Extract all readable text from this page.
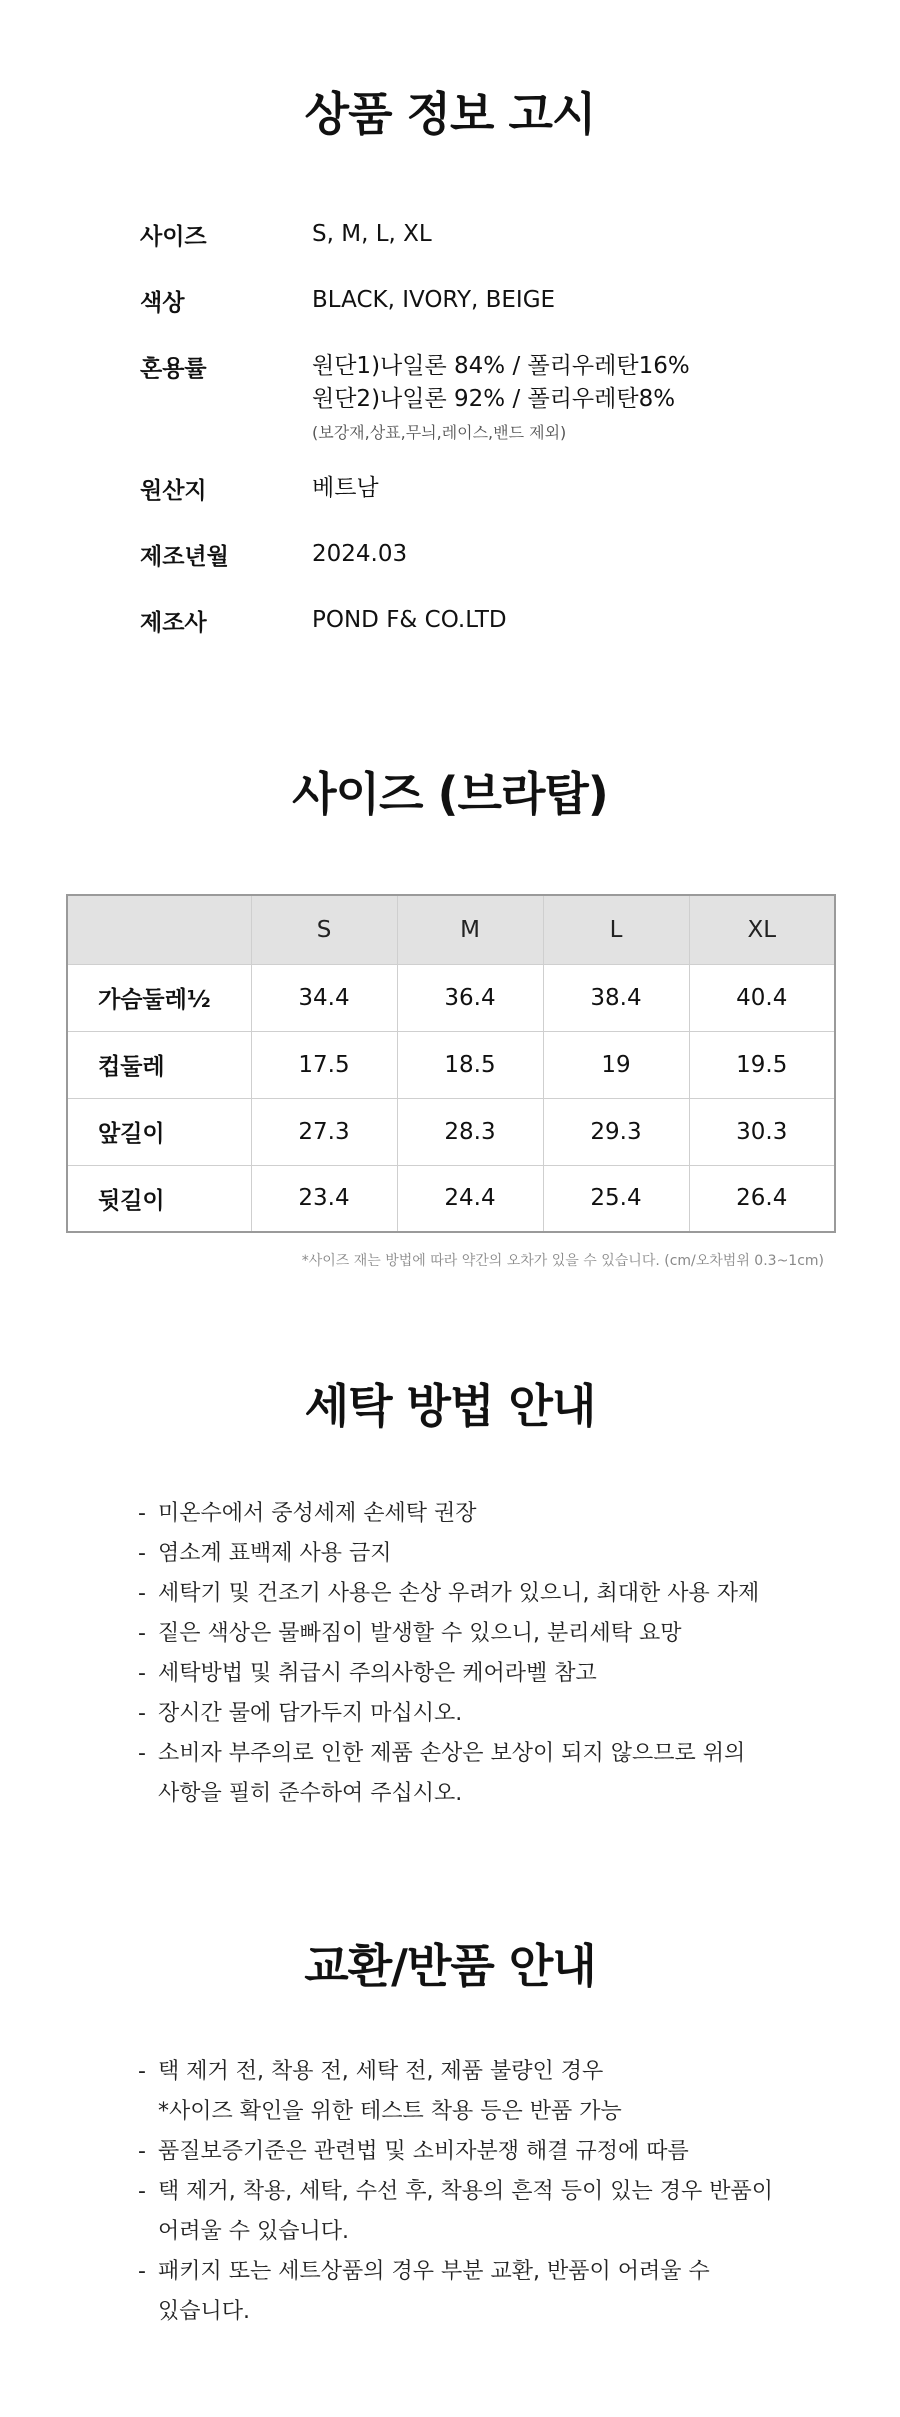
상품 정보 고시
사이즈	S, M, L, XL
색상	BLACK, IVORY, BEIGE
혼용률	원단1)나일론 84% / 폴리우레탄16%
원단2)나일론 92% / 폴리우레탄8%
(보강재,상표,무늬,레이스,밴드 제외)
원산지	베트남
제조년월	2024.03
제조사	POND F& CO.LTD
사이즈 (브라탑)
	S	M	L	XL
가슴둘레½	34.4	36.4	38.4	40.4
컵둘레	17.5	18.5	19	19.5
앞길이	27.3	28.3	29.3	30.3
뒷길이	23.4	24.4	25.4	26.4
*사이즈 재는 방법에 따라 약간의 오차가 있을 수 있습니다. (cm/오차범위 0.3~1cm)
세탁 방법 안내
- 미온수에서 중성세제 손세탁 권장
- 염소계 표백제 사용 금지
- 세탁기 및 건조기 사용은 손상 우려가 있으니, 최대한 사용 자제
- 짙은 색상은 물빠짐이 발생할 수 있으니, 분리세탁 요망
- 세탁방법 및 취급시 주의사항은 케어라벨 참고
- 장시간 물에 담가두지 마십시오.
- 소비자 부주의로 인한 제품 손상은 보상이 되지 않으므로 위의
사항을 필히 준수하여 주십시오.
교환/반품 안내
- 택 제거 전, 착용 전, 세탁 전, 제품 불량인 경우
*사이즈 확인을 위한 테스트 착용 등은 반품 가능
- 품질보증기준은 관련법 및 소비자분쟁 해결 규정에 따름
- 택 제거, 착용, 세탁, 수선 후, 착용의 흔적 등이 있는 경우 반품이
어려울 수 있습니다.
- 패키지 또는 세트상품의 경우 부분 교환, 반품이 어려울 수
있습니다.
